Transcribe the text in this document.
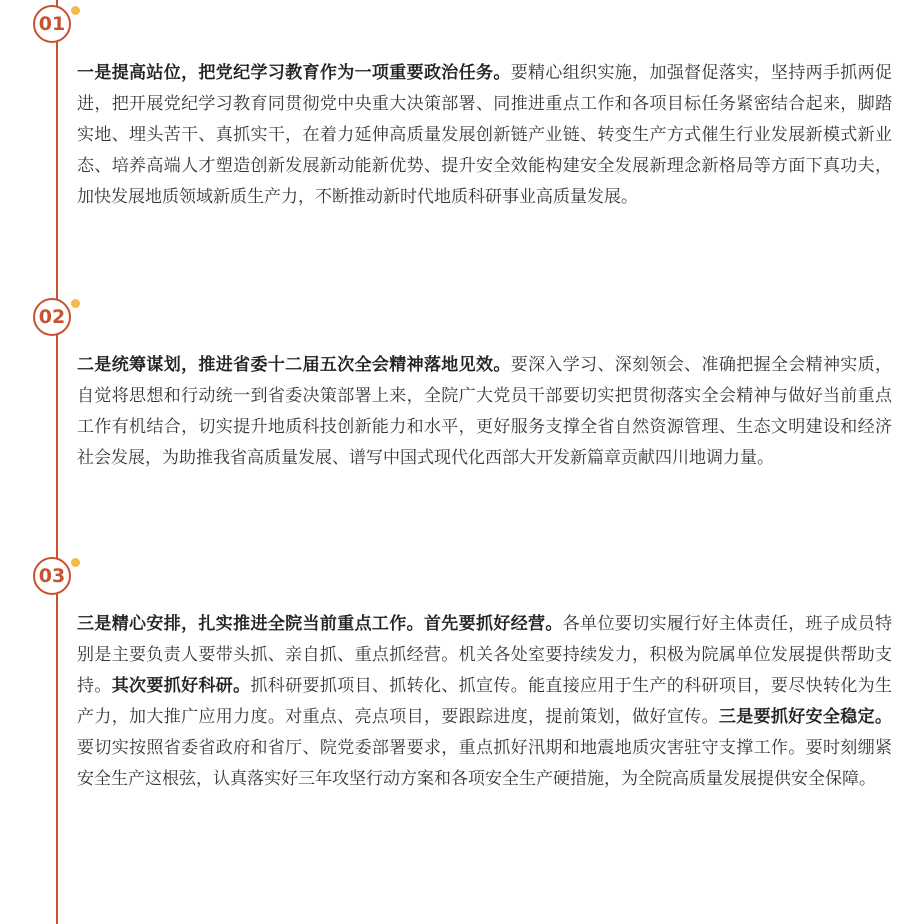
01

一是提高站位，把党纪学习教育作为一项重要政治任务。要精心组织实施，加强督促落实，坚持两手抓两促进，把开展党纪学习教育同贯彻党中央重大决策部署、同推进重点工作和各项目标任务紧密结合起来，脚踏实地、埋头苦干、真抓实干，在着力延伸高质量发展创新链产业链、转变生产方式催生行业发展新模式新业态、培养高端人才塑造创新发展新动能新优势、提升安全效能构建安全发展新理念新格局等方面下真功夫，加快发展地质领域新质生产力，不断推动新时代地质科研事业高质量发展。

02

二是统筹谋划，推进省委十二届五次全会精神落地见效。要深入学习、深刻领会、准确把握全会精神实质，自觉将思想和行动统一到省委决策部署上来，全院广大党员干部要切实把贯彻落实全会精神与做好当前重点工作有机结合，切实提升地质科技创新能力和水平，更好服务支撑全省自然资源管理、生态文明建设和经济社会发展，为助推我省高质量发展、谱写中国式现代化西部大开发新篇章贡献四川地调力量。

03

三是精心安排，扎实推进全院当前重点工作。首先要抓好经营。各单位要切实履行好主体责任，班子成员特别是主要负责人要带头抓、亲自抓、重点抓经营。机关各处室要持续发力，积极为院属单位发展提供帮助支持。其次要抓好科研。抓科研要抓项目、抓转化、抓宣传。能直接应用于生产的科研项目，要尽快转化为生产力，加大推广应用力度。对重点、亮点项目，要跟踪进度，提前策划，做好宣传。三是要抓好安全稳定。要切实按照省委省政府和省厅、院党委部署要求，重点抓好汛期和地震地质灾害驻守支撑工作。要时刻绷紧安全生产这根弦，认真落实好三年攻坚行动方案和各项安全生产硬措施，为全院高质量发展提供安全保障。
